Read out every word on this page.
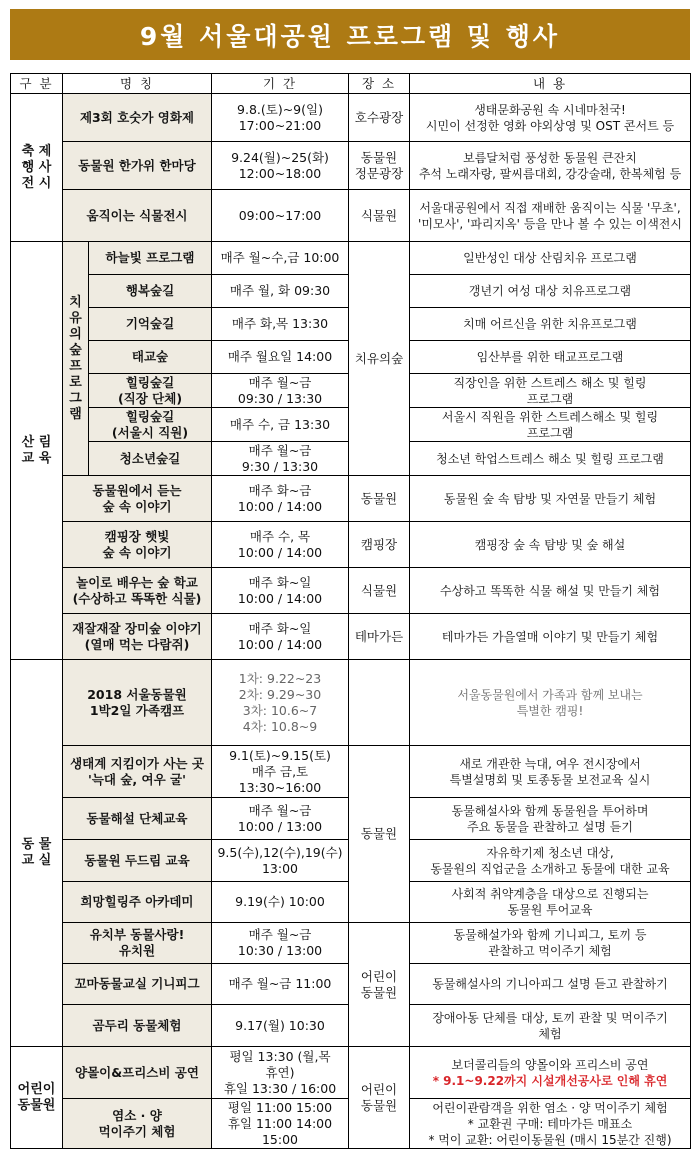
9월 서울대공원 프로그램 및 행사
구 분	명 칭		기 간	장 소	내 용

축 제
행 사
전 시	제3회 호숫가 영화제		9.8.(토)~9(일)
17:00~21:00	호수광장	생태문화공원 속 시네마천국!
시민이 선정한 영화 야외상영 및 OST 콘서트 등

	동물원 한가위 한마당		9.24(월)~25(화)
12:00~18:00	동물원
정문광장	보름달처럼 풍성한 동물원 큰잔치
추석 노래자랑, 팔씨름대회, 강강술래, 한복체험 등

	움직이는 식물전시		09:00~17:00	식물원	서울대공원에서 직접 재배한 움직이는 식물 '무초',
'미모사', '파리지옥' 등을 만나 볼 수 있는 이색전시

산 림
교 육

치
유
의
숲
프
로
그
램

하늘빛 프로그램	매주 월~수,금 10:00
	치유의숲	
일반성인 대상 산림치유 프로그램

		행복숲길	매주 월, 화 09:30		갱년기 여성 대상 치유프로그램

		기억숲길	매주 화,목 13:30		치매 어르신을 위한 치유프로그램

		태교숲	매주 월요일 14:00		임산부를 위한 태교프로그램

		힐링숲길
(직장 단체)	매주 월~금
09:30 / 13:30		직장인을 위한 스트레스 해소 및 힐링
프로그램

		힐링숲길
(서울시 직원)	매주 수, 금 13:30		서울시 직원을 위한 스트레스해소 및 힐링
프로그램

		청소년숲길	매주 월~금
9:30 / 13:30		청소년 학업스트레스 해소 및 힐링 프로그램

	동물원에서 듣는
숲 속 이야기		매주 화~금
10:00 / 14:00	동물원	동물원 숲 속 탐방 및 자연물 만들기 체험

	캠핑장 햇빛
숲 속 이야기		매주 수, 목
10:00 / 14:00	캠핑장	캠핑장 숲 속 탐방 및 숲 해설

	놀이로 배우는 숲 학교
(수상하고 똑똑한 식물)		매주 화~일
10:00 / 14:00	식물원	수상하고 똑똑한 식물 해설 및 만들기 체험

	재잘재잘 장미숲 이야기
(열매 먹는 다람쥐)		매주 화~일
10:00 / 14:00	테마가든	테마가든 가을열매 이야기 및 만들기 체험

동 물
교 실	2018 서울동물원
1박2일 가족캠프		1차: 9.22~23
2차: 9.29~30
3차: 10.6~7
4차: 10.8~9		서울동물원에서 가족과 함께 보내는
특별한 캠핑!

	생태계 지킴이가 사는 곳
'늑대 숲, 여우 굴'		9.1(토)~9.15(토)
매주 금,토
13:30~16:00	동물원	새로 개관한 늑대, 여우 전시장에서
특별설명회 및 토종동물 보전교육 실시

	동물해설 단체교육		매주 월~금
10:00 / 13:00		동물해설사와 함께 동물원을 투어하며
주요 동물을 관찰하고 설명 듣기

	동물원 두드림 교육		9.5(수),12(수),19(수)
13:00		자유학기제 청소년 대상,
동물원의 직업군을 소개하고 동물에 대한 교육

	희망힐링주 아카데미		9.19(수) 10:00		사회적 취약계층을 대상으로 진행되는
동물원 투어교육

	유치부 동물사랑!
유치원		매주 월~금
10:30 / 13:00	어린이
동물원	동물해설가와 함께 기니피그, 토끼 등
관찰하고 먹이주기 체험

	꼬마동물교실 기니피그		매주 월~금 11:00		동물해설사의 기니아피그 설명 듣고 관찰하기

	곰두리 동물체험		9.17(월) 10:30		장애아동 단체를 대상, 토끼 관찰 및 먹이주기
체험

어린이
동물원	양몰이&프리스비 공연		평일 13:30 (월,목
휴연)
휴일 13:30 / 16:00	어린이
동물원	보더콜리들의 양몰이와 프리스비 공연
* 9.1~9.22까지 시설개선공사로 인해 휴연

	염소 · 양
먹이주기 체험		평일 11:00 15:00
휴일 11:00 14:00
15:00		어린이관람객을 위한 염소 · 양 먹이주기 체험
* 교환권 구매: 테마가든 매표소
* 먹이 교환: 어린이동물원 (매시 15분간 진행)
